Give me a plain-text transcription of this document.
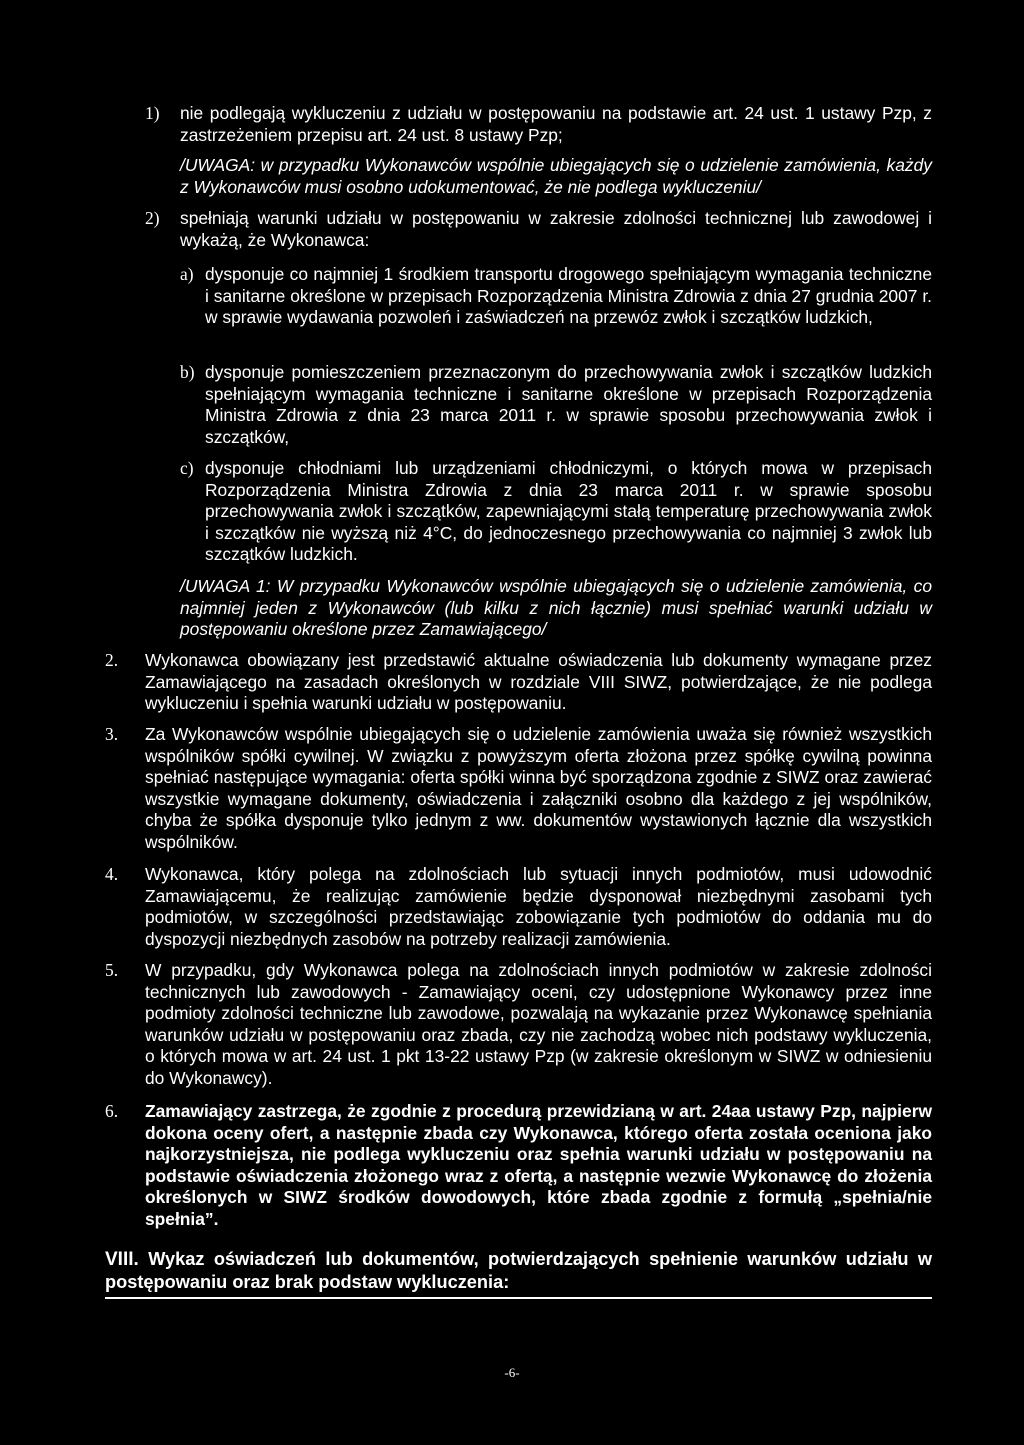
1)	nie podlegają wykluczeniu z udziału w postępowaniu na podstawie art. 24 ust. 1 ustawy Pzp, z zastrzeżeniem przepisu art. 24 ust. 8 ustawy Pzp;

/UWAGA: w przypadku Wykonawców wspólnie ubiegających się o udzielenie zamówienia, każdy z Wykonawców musi osobno udokumentować, że nie podlega wykluczeniu/

2)	spełniają warunki udziału w postępowaniu w zakresie zdolności technicznej lub zawodowej i wykażą, że Wykonawca:
a) dysponuje co najmniej 1 środkiem transportu drogowego spełniającym wymagania techniczne i sanitarne określone w przepisach Rozporządzenia Ministra Zdrowia z dnia 27 grudnia 2007 r. w sprawie wydawania pozwoleń i zaświadczeń na przewóz zwłok i szczątków ludzkich,
b) dysponuje pomieszczeniem przeznaczonym do przechowywania zwłok i szczątków ludzkich spełniającym wymagania techniczne i sanitarne określone w przepisach Rozporządzenia Ministra Zdrowia z dnia 23 marca 2011 r. w sprawie sposobu przechowywania zwłok i szczątków,
c) dysponuje chłodniami lub urządzeniami chłodniczymi, o których mowa w przepisach Rozporządzenia Ministra Zdrowia z dnia 23 marca 2011 r. w sprawie sposobu przechowywania zwłok i szczątków, zapewniającymi stałą temperaturę przechowywania zwłok i szczątków nie wyższą niż 4°C, do jednoczesnego przechowywania co najmniej 3 zwłok lub szczątków ludzkich.

/UWAGA 1: W przypadku Wykonawców wspólnie ubiegających się o udzielenie zamówienia, co najmniej jeden z Wykonawców (lub kilku z nich łącznie) musi spełniać warunki udziału w postępowaniu określone przez Zamawiającego/

2.	Wykonawca obowiązany jest przedstawić aktualne oświadczenia lub dokumenty wymagane przez Zamawiającego na zasadach określonych w rozdziale VIII SIWZ, potwierdzające, że nie podlega wykluczeniu i spełnia warunki udziału w postępowaniu.
3.	Za Wykonawców wspólnie ubiegających się o udzielenie zamówienia uważa się również wszystkich wspólników spółki cywilnej. W związku z powyższym oferta złożona przez spółkę cywilną powinna spełniać następujące wymagania: oferta spółki winna być sporządzona zgodnie z SIWZ oraz zawierać wszystkie wymagane dokumenty, oświadczenia i załączniki osobno dla każdego z jej wspólników, chyba że spółka dysponuje tylko jednym z ww. dokumentów wystawionych łącznie dla wszystkich wspólników.
4.	Wykonawca, który polega na zdolnościach lub sytuacji innych podmiotów, musi udowodnić Zamawiającemu, że realizując zamówienie będzie dysponował niezbędnymi zasobami tych podmiotów, w szczególności przedstawiając zobowiązanie tych podmiotów do oddania mu do dyspozycji niezbędnych zasobów na potrzeby realizacji zamówienia.
5.	W przypadku, gdy Wykonawca polega na zdolnościach innych podmiotów w zakresie zdolności technicznych lub zawodowych - Zamawiający oceni, czy udostępnione Wykonawcy przez inne podmioty zdolności techniczne lub zawodowe, pozwalają na wykazanie przez Wykonawcę spełniania warunków udziału w postępowaniu oraz zbada, czy nie zachodzą wobec nich podstawy wykluczenia, o których mowa w art. 24 ust. 1 pkt 13-22 ustawy Pzp (w zakresie określonym w SIWZ w odniesieniu do Wykonawcy).
6.	Zamawiający zastrzega, że zgodnie z procedurą przewidzianą w art. 24aa ustawy Pzp, najpierw dokona oceny ofert, a następnie zbada czy Wykonawca, którego oferta została oceniona jako najkorzystniejsza, nie podlega wykluczeniu oraz spełnia warunki udziału w postępowaniu na podstawie oświadczenia złożonego wraz z ofertą, a następnie wezwie Wykonawcę do złożenia określonych w SIWZ środków dowodowych, które zbada zgodnie z formułą „spełnia/nie spełnia”.
VIII. Wykaz oświadczeń lub dokumentów, potwierdzających spełnienie warunków udziału w postępowaniu oraz brak podstaw wykluczenia:
-6-
